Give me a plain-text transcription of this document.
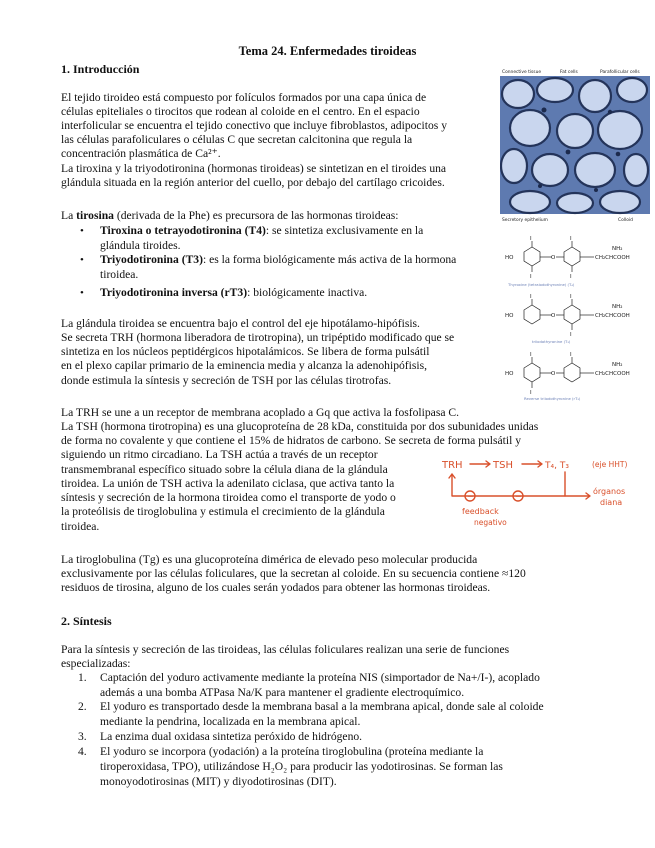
Tema 24. Enfermedades tiroideas
1. Introducción	Connective tissue	Fat cells	Parafollicular cells
Secretory epithelium	Colloid
El tejido tiroideo está compuesto por folículos formados por una capa única de
células epiteliales o tirocitos que rodean al coloide en el centro. En el espacio
interfolicular se encuentra el tejido conectivo que incluye fibroblastos, adipocitos y
las células parafoliculares o células C que secretan calcitonina que regula la
concentración plasmática de Ca²⁺.
La tiroxina y la triyodotironina (hormonas tiroideas) se sintetizan en el tiroides una
glándula situada en la región anterior del cuello, por debajo del cartílago cricoides.
La tirosina (derivada de la Phe) es precursora de las hormonas tiroideas:
• Tiroxina o tetrayodotironina (T4): se sintetiza exclusivamente en la
glándula tiroides.
• Triyodotironina (T3): es la forma biológicamente más activa de la hormona
tiroidea.
• Triyodotironina inversa (rT3): biológicamente inactiva.
HO	O
I
I
I
I
NH₂
CH₂CHCOOH
Thyroxine (tetraiodothyronine) (T₄)
HO	O
I	I
I
NH₂
CH₂CHCOOH
triiodothyronine (T₃)
HO	O
I
I
I
NH₂
CH₂CHCOOH
Reverse triiodothyronine (rT₃)
La glándula tiroidea se encuentra bajo el control del eje hipotálamo-hipófisis.
Se secreta TRH (hormona liberadora de tirotropina), un tripéptido modificado que se
sintetiza en los núcleos peptidérgicos hipotalámicos. Se libera de forma pulsátil
en el plexo capilar primario de la eminencia media y alcanza la adenohipófisis,
donde estimula la síntesis y secreción de TSH por las células tirotrofas.
La TRH se une a un receptor de membrana acoplado a Gq que activa la fosfolipasa C.
La TSH (hormona tirotropina) es una glucoproteína de 28 kDa, constituida por dos subunidades unidas
de forma no covalente y que contiene el 15% de hidratos de carbono. Se secreta de forma pulsátil y
siguiendo un ritmo circadiano. La TSH actúa a través de un receptor
transmembranal específico situado sobre la célula diana de la glándula
tiroidea. La unión de TSH activa la adenilato ciclasa, que activa tanto la
síntesis y secreción de la hormona tiroidea como el transporte de yodo o
la proteólisis de tiroglobulina y estimula el crecimiento de la glándula
tiroidea.
TRH	TSH	T₄, T₃	(eje HHT)
−	−
órganos
diana
feedback
negativo
La tiroglobulina (Tg) es una glucoproteína dimérica de elevado peso molecular producida
exclusivamente por las células foliculares, que la secretan al coloide. En su secuencia contiene ≈120
residuos de tirosina, alguno de los cuales serán yodados para obtener las hormonas tiroideas.
2. Síntesis
Para la síntesis y secreción de las tiroideas, las células foliculares realizan una serie de funciones
especializadas:
1. Captación del yoduro activamente mediante la proteína NIS (simportador de Na+/I-), acoplado
además a una bomba ATPasa Na/K para mantener el gradiente electroquímico.
2. El yoduro es transportado desde la membrana basal a la membrana apical, donde sale al coloide
mediante la pendrina, localizada en la membrana apical.
3. La enzima dual oxidasa sintetiza peróxido de hidrógeno.
4. El yoduro se incorpora (yodación) a la proteína tiroglobulina (proteína mediante la
tiroperoxidasa, TPO), utilizándose H₂O₂ para producir las yodotirosinas. Se forman las
monoyodotirosinas (MIT) y diyodotirosinas (DIT).
